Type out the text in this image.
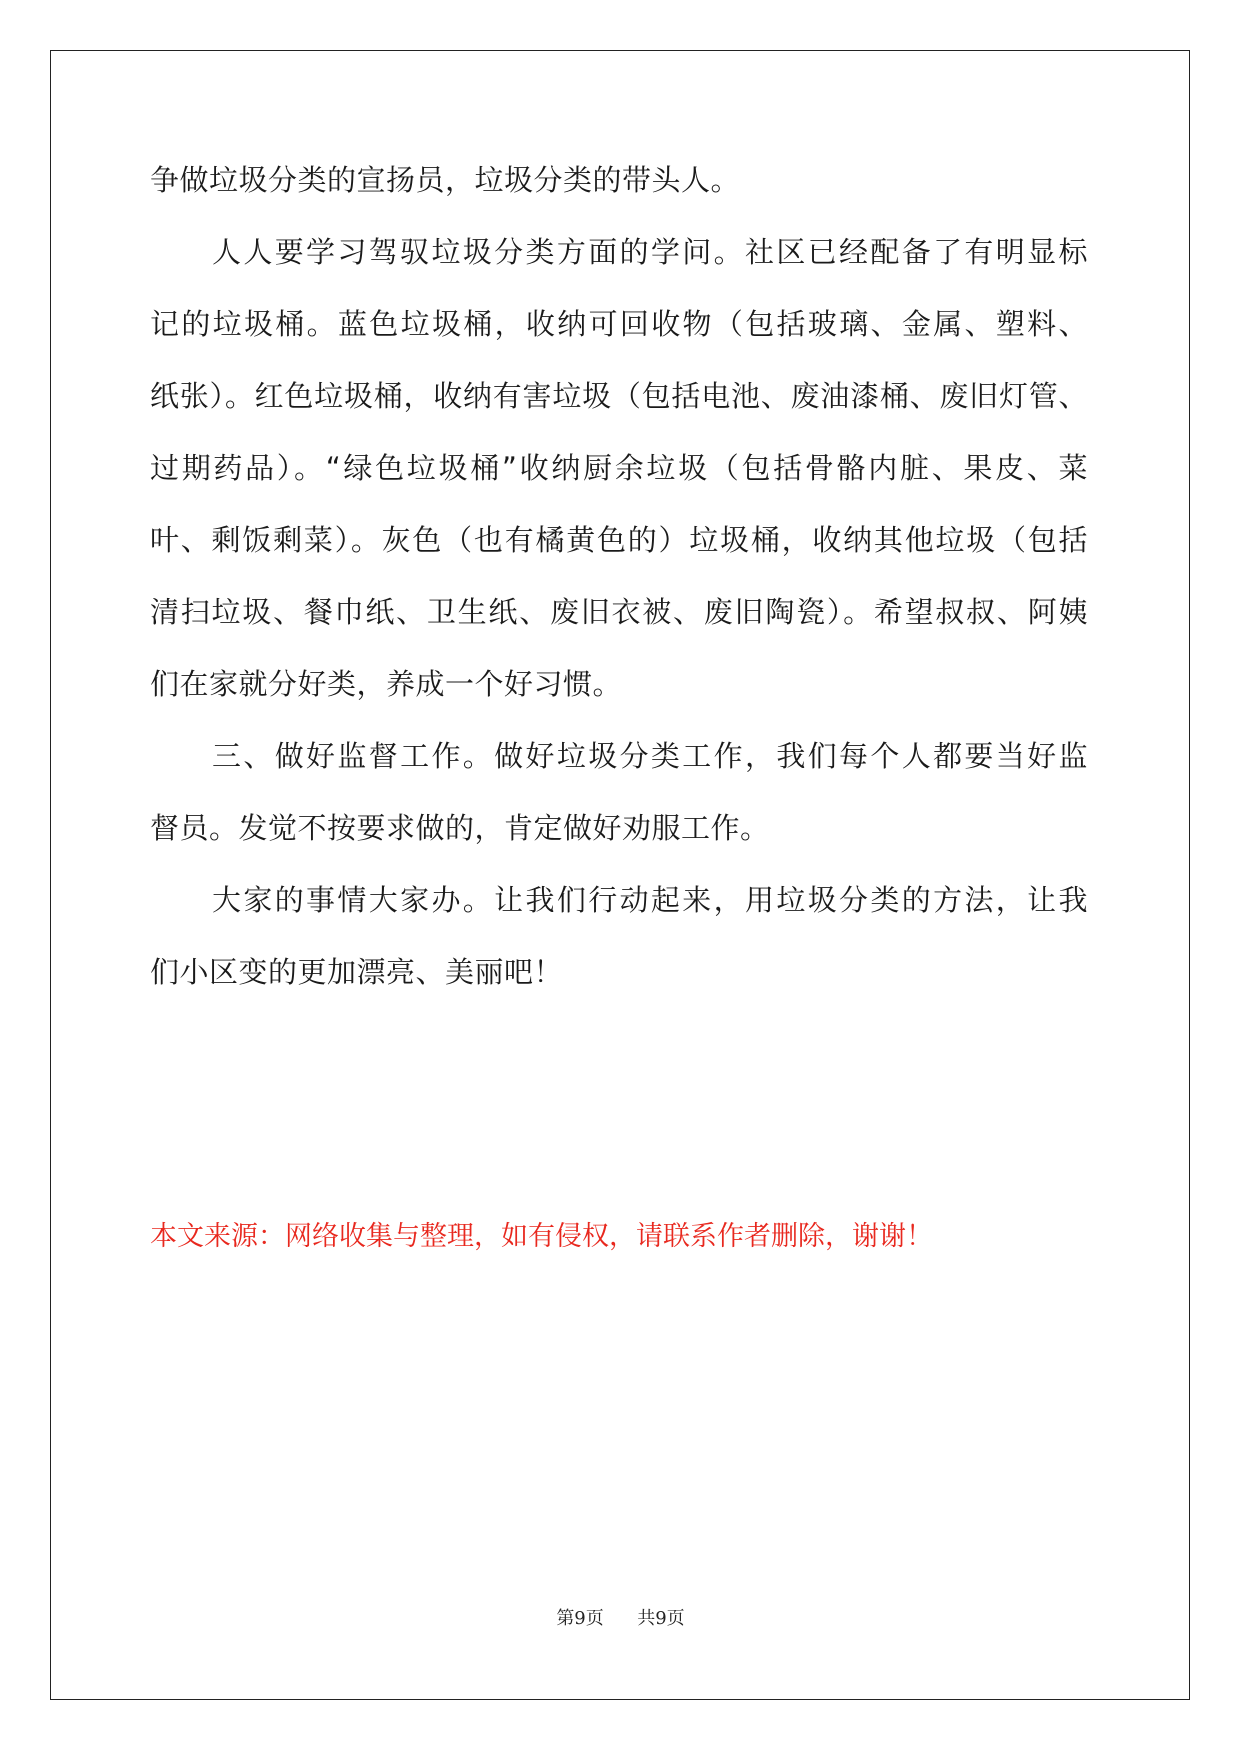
争做垃圾分类的宣扬员，垃圾分类的带头人。
人人要学习驾驭垃圾分类方面的学问。社区已经配备了有明显标
记的垃圾桶。蓝色垃圾桶，收纳可回收物（包括玻璃、金属、塑料、
纸张）。红色垃圾桶，收纳有害垃圾（包括电池、废油漆桶、废旧灯管、
过期药品）。“绿色垃圾桶”收纳厨余垃圾（包括骨骼内脏、果皮、菜
叶、剩饭剩菜）。灰色（也有橘黄色的）垃圾桶，收纳其他垃圾（包括
清扫垃圾、餐巾纸、卫生纸、废旧衣被、废旧陶瓷）。希望叔叔、阿姨
们在家就分好类，养成一个好习惯。
三、做好监督工作。做好垃圾分类工作，我们每个人都要当好监
督员。发觉不按要求做的，肯定做好劝服工作。
大家的事情大家办。让我们行动起来，用垃圾分类的方法，让我
们小区变的更加漂亮、美丽吧！
本文来源：网络收集与整理，如有侵权，请联系作者删除，谢谢！
第9页 共9页
